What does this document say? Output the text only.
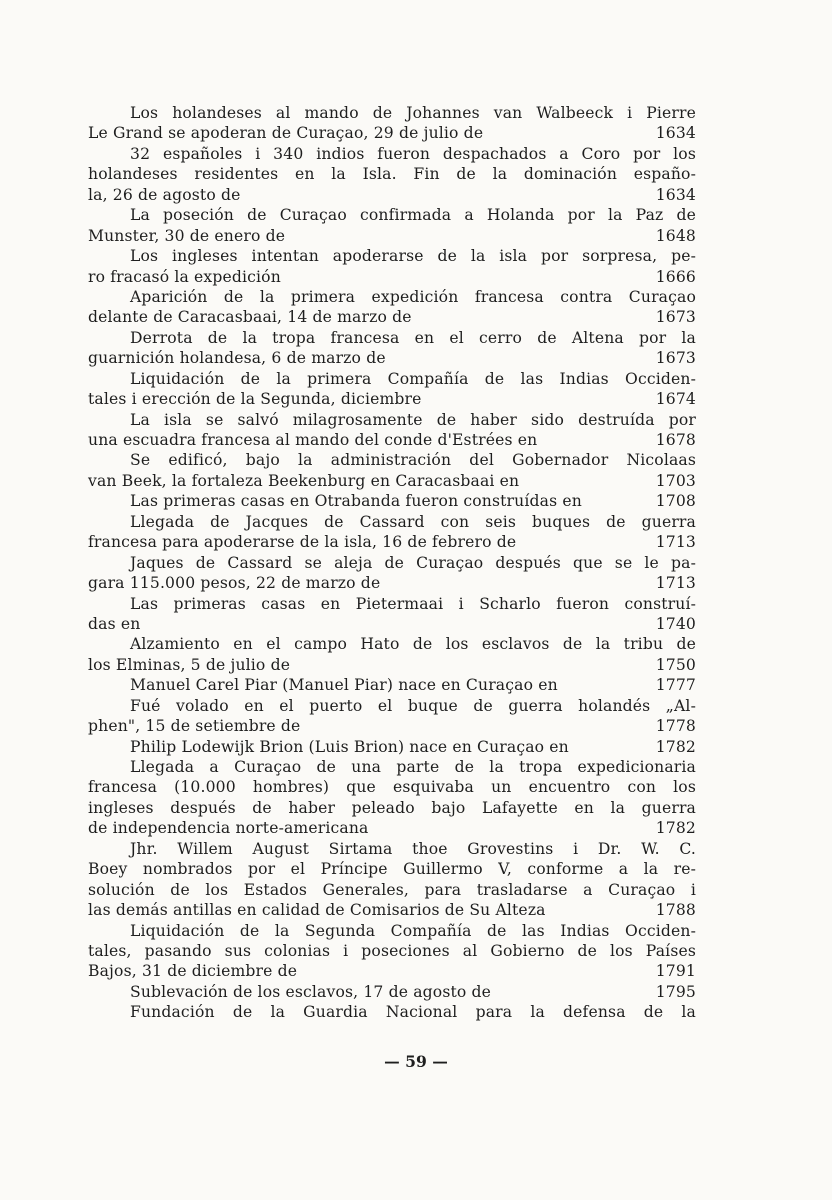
Los holandeses al mando de Johannes van Walbeeck i Pierre
Le Grand se apoderan de Curaçao, 29 de julio de	1634
32 españoles i 340 indios fueron despachados a Coro por los
holandeses residentes en la Isla. Fin de la dominación españo-
la, 26 de agosto de	1634
La poseción de Curaçao confirmada a Holanda por la Paz de
Munster, 30 de enero de	1648
Los ingleses intentan apoderarse de la isla por sorpresa, pe-
ro fracasó la expedición	1666
Aparición de la primera expedición francesa contra Curaçao
delante de Caracasbaai, 14 de marzo de	1673
Derrota de la tropa francesa en el cerro de Altena por la
guarnición holandesa, 6 de marzo de	1673
Liquidación de la primera Compañía de las Indias Occiden-
tales i erección de la Segunda, diciembre	1674
La isla se salvó milagrosamente de haber sido destruída por
una escuadra francesa al mando del conde d'Estrées en	1678
Se edificó, bajo la administración del Gobernador Nicolaas
van Beek, la fortaleza Beekenburg en Caracasbaai en	1703
Las primeras casas en Otrabanda fueron construídas en	1708
Llegada de Jacques de Cassard con seis buques de guerra
francesa para apoderarse de la isla, 16 de febrero de	1713
Jaques de Cassard se aleja de Curaçao después que se le pa-
gara 115.000 pesos, 22 de marzo de	1713
Las primeras casas en Pietermaai i Scharlo fueron construí-
das en	1740
Alzamiento en el campo Hato de los esclavos de la tribu de
los Elminas, 5 de julio de	1750
Manuel Carel Piar (Manuel Piar) nace en Curaçao en	1777
Fué volado en el puerto el buque de guerra holandés „Al-
phen", 15 de setiembre de	1778
Philip Lodewijk Brion (Luis Brion) nace en Curaçao en	1782
Llegada a Curaçao de una parte de la tropa expedicionaria
francesa (10.000 hombres) que esquivaba un encuentro con los
ingleses después de haber peleado bajo Lafayette en la guerra
de independencia norte-americana	1782
Jhr. Willem August Sirtama thoe Grovestins i Dr. W. C.
Boey nombrados por el Príncipe Guillermo V, conforme a la re-
solución de los Estados Generales, para trasladarse a Curaçao i
las demás antillas en calidad de Comisarios de Su Alteza	1788
Liquidación de la Segunda Compañía de las Indias Occiden-
tales, pasando sus colonias i poseciones al Gobierno de los Países
Bajos, 31 de diciembre de	1791
Sublevación de los esclavos, 17 de agosto de	1795
Fundación de la Guardia Nacional para la defensa de la
— 59 —
